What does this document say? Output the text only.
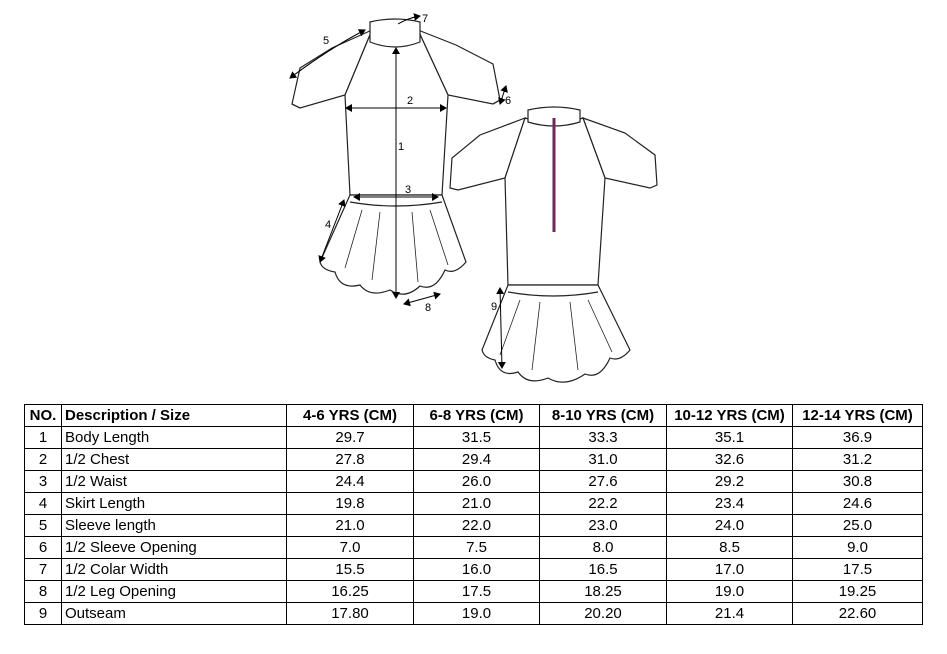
1
2
3
4
5
6
7
8	9
NO.	Description / Size	4-6 YRS (CM)	6-8 YRS (CM)	8-10 YRS (CM)	10-12 YRS (CM)	12-14 YRS (CM)
1	Body Length	29.7	31.5	33.3	35.1	36.9
2	1/2 Chest	27.8	29.4	31.0	32.6	31.2
3	1/2 Waist	24.4	26.0	27.6	29.2	30.8
4	Skirt Length	19.8	21.0	22.2	23.4	24.6
5	Sleeve length	21.0	22.0	23.0	24.0	25.0
6	1/2 Sleeve Opening	7.0	7.5	8.0	8.5	9.0
7	1/2 Colar Width	15.5	16.0	16.5	17.0	17.5
8	1/2 Leg Opening	16.25	17.5	18.25	19.0	19.25
9	Outseam	17.80	19.0	20.20	21.4	22.60
